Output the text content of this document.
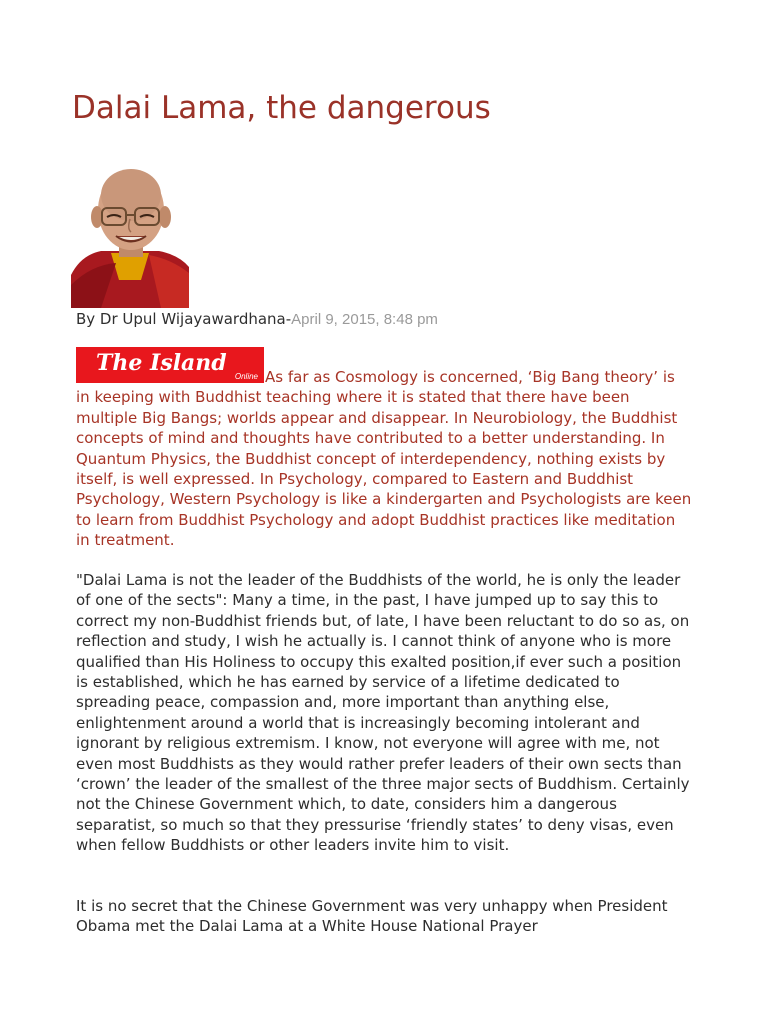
Dalai Lama, the dangerous
By Dr Upul Wijayawardhana-April 9, 2015, 8:48 pm
The Island
Online As far as Cosmology is concerned, ‘Big Bang theory’ is in keeping with Buddhist teaching where it is stated that there have been multiple Big Bangs; worlds appear and disappear. In Neurobiology, the Buddhist concepts of mind and thoughts have contributed to a better understanding. In Quantum Physics, the Buddhist concept of interdependency, nothing exists by itself, is well expressed. In Psychology, compared to Eastern and Buddhist Psychology, Western Psychology is like a kindergarten and Psychologists are keen to learn from Buddhist Psychology and adopt Buddhist practices like meditation in treatment.

"Dalai Lama is not the leader of the Buddhists of the world, he is only the leader of one of the sects": Many a time, in the past, I have jumped up to say this to correct my non-Buddhist friends but, of late, I have been reluctant to do so as, on reflection and study, I wish he actually is. I cannot think of anyone who is more qualified than His Holiness to occupy this exalted position,if ever such a position is established, which he has earned by service of a lifetime dedicated to spreading peace, compassion and, more important than anything else, enlightenment around a world that is increasingly becoming intolerant and ignorant by religious extremism. I know, not everyone will agree with me, not even most Buddhists as they would rather prefer leaders of their own sects than ‘crown’ the leader of the smallest of the three major sects of Buddhism. Certainly not the Chinese Government which, to date, considers him a dangerous separatist, so much so that they pressurise ‘friendly states’ to deny visas, even when fellow Buddhists or other leaders invite him to visit.

It is no secret that the Chinese Government was very unhappy when President Obama met the Dalai Lama at a White House National Prayer
